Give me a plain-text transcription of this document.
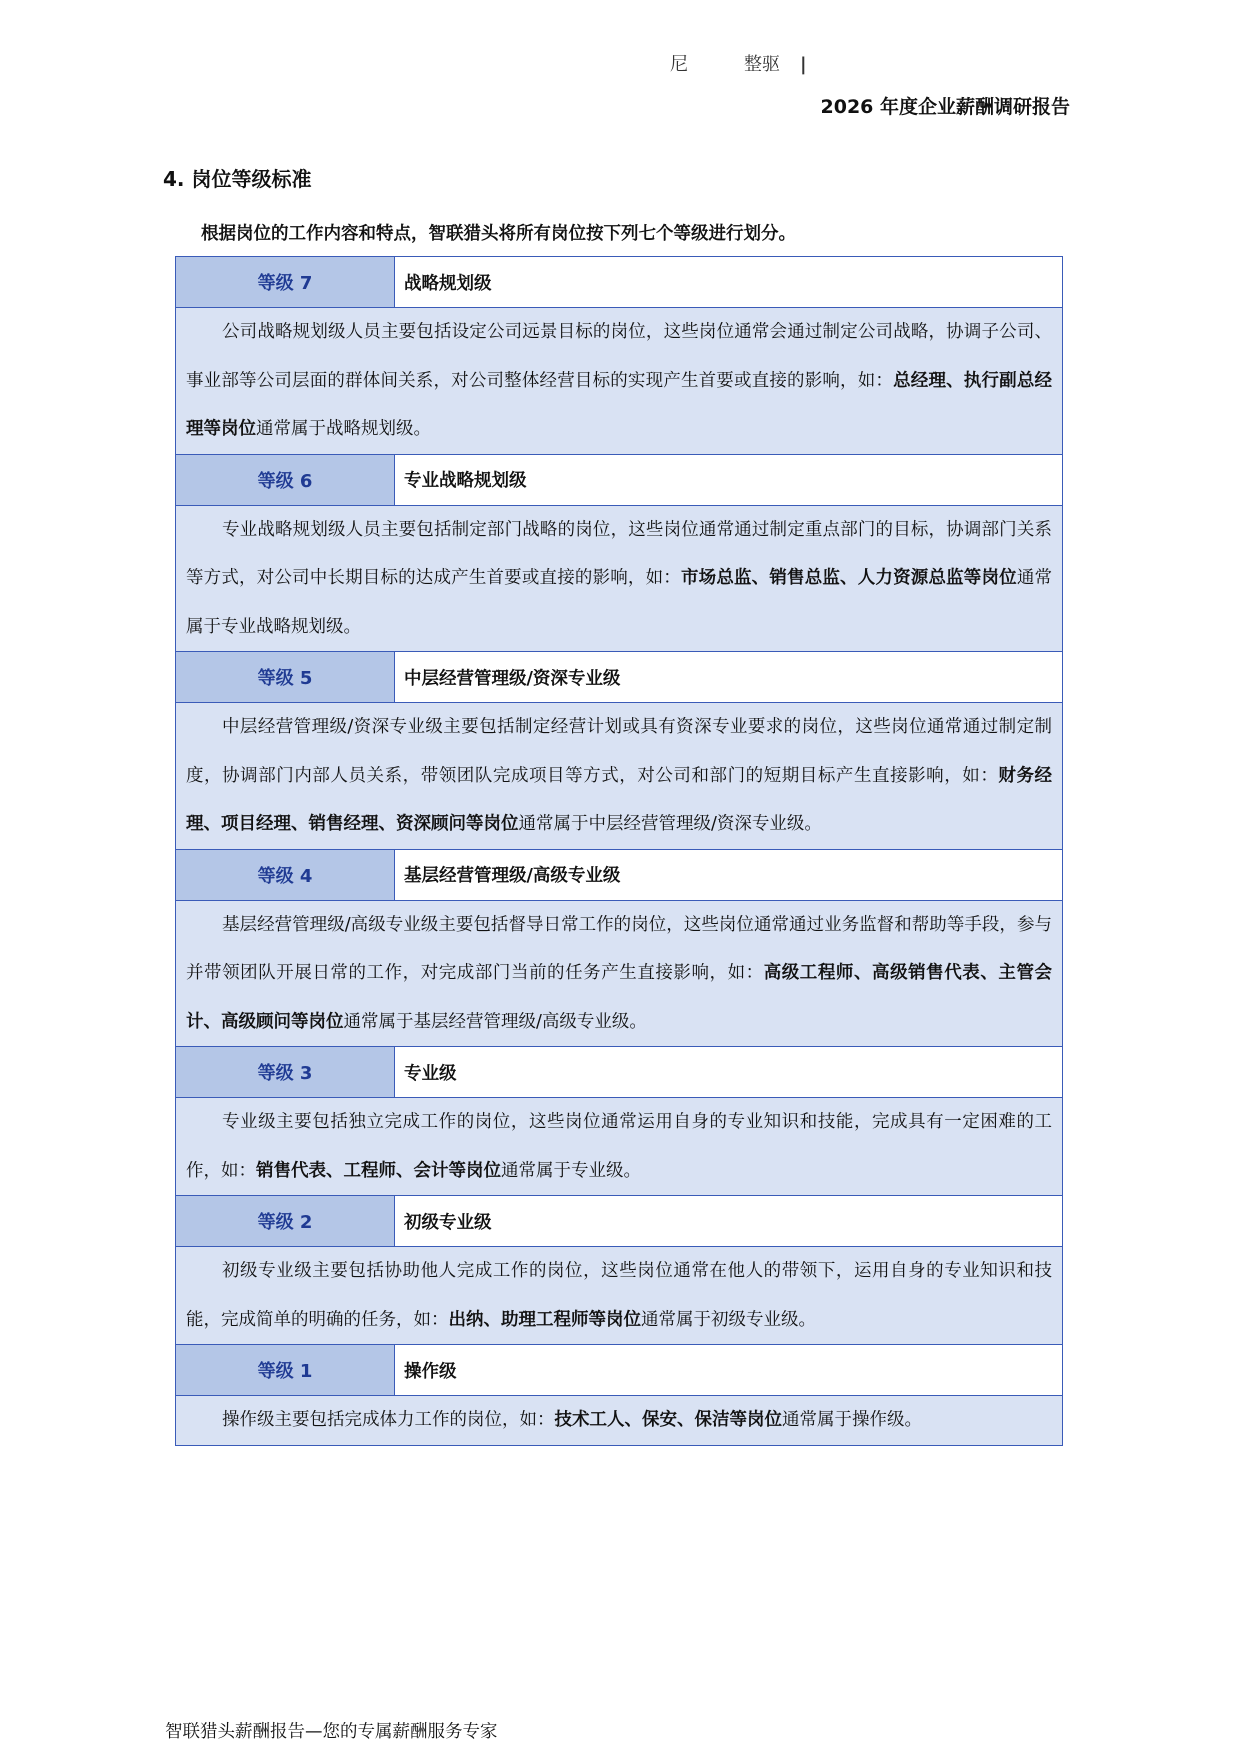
尼	整驱 |
2026 年度企业薪酬调研报告
4. 岗位等级标准
根据岗位的工作内容和特点，智联猎头将所有岗位按下列七个等级进行划分。
等级 7	战略规划级
公司战略规划级人员主要包括设定公司远景目标的岗位，这些岗位通常会通过制定公司战略，协调子公司、事业部等公司层面的群体间关系，对公司整体经营目标的实现产生首要或直接的影响，如：总经理、执行副总经理等岗位通常属于战略规划级。	
等级 6	专业战略规划级
专业战略规划级人员主要包括制定部门战略的岗位，这些岗位通常通过制定重点部门的目标，协调部门关系等方式，对公司中长期目标的达成产生首要或直接的影响，如：市场总监、销售总监、人力资源总监等岗位通常属于专业战略规划级。	
等级 5	中层经营管理级/资深专业级
中层经营管理级/资深专业级主要包括制定经营计划或具有资深专业要求的岗位，这些岗位通常通过制定制度，协调部门内部人员关系，带领团队完成项目等方式，对公司和部门的短期目标产生直接影响，如：财务经理、项目经理、销售经理、资深顾问等岗位通常属于中层经营管理级/资深专业级。	
等级 4	基层经营管理级/高级专业级
基层经营管理级/高级专业级主要包括督导日常工作的岗位，这些岗位通常通过业务监督和帮助等手段，参与并带领团队开展日常的工作，对完成部门当前的任务产生直接影响，如：高级工程师、高级销售代表、主管会计、高级顾问等岗位通常属于基层经营管理级/高级专业级。	
等级 3	专业级
专业级主要包括独立完成工作的岗位，这些岗位通常运用自身的专业知识和技能，完成具有一定困难的工作，如：销售代表、工程师、会计等岗位通常属于专业级。	
等级 2	初级专业级
初级专业级主要包括协助他人完成工作的岗位，这些岗位通常在他人的带领下，运用自身的专业知识和技能，完成简单的明确的任务，如：出纳、助理工程师等岗位通常属于初级专业级。	
等级 1	操作级
操作级主要包括完成体力工作的岗位，如：技术工人、保安、保洁等岗位通常属于操作级。	
智联猎头薪酬报告—您的专属薪酬服务专家
